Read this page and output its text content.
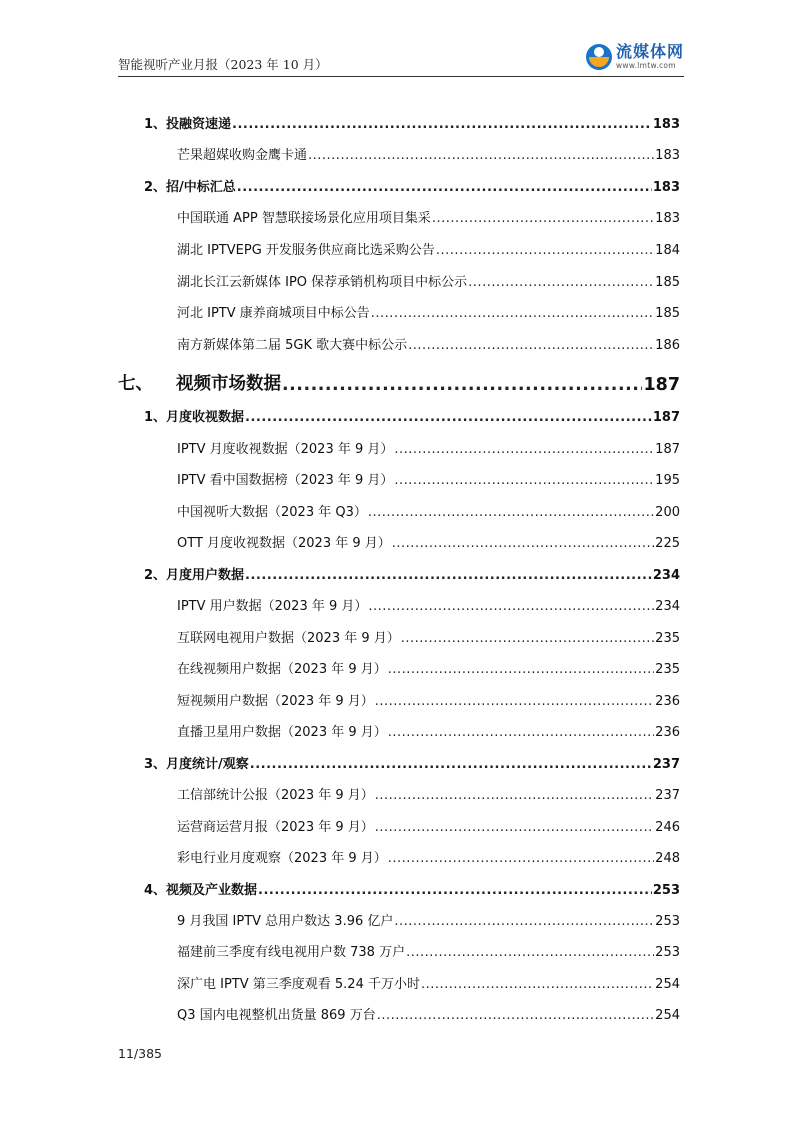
智能视听产业月报（2023 年 10 月）
流媒体网
www.lmtw.com
1、投融资速递 .....	183
芒果超媒收购金鹰卡通 .....	183
2、招/中标汇总 .....	183
中国联通 APP 智慧联接场景化应用项目集采 .....	183
湖北 IPTVEPG 开发服务供应商比选采购公告 .....	184
湖北长江云新媒体 IPO 保荐承销机构项目中标公示 .....	185
河北 IPTV 康养商城项目中标公告 .....	185
南方新媒体第二届 5GK 歌大赛中标公示 .....	186
七、 视频市场数据 .....	187
1、月度收视数据 .....	187
IPTV 月度收视数据（2023 年 9 月） .....	187
IPTV 看中国数据榜（2023 年 9 月） .....	195
中国视听大数据（2023 年 Q3） .....	200
OTT 月度收视数据（2023 年 9 月） .....	225
2、月度用户数据 .....	234
IPTV 用户数据（2023 年 9 月） .....	234
互联网电视用户数据（2023 年 9 月） .....	235
在线视频用户数据（2023 年 9 月） .....	235
短视频用户数据（2023 年 9 月） .....	236
直播卫星用户数据（2023 年 9 月） .....	236
3、月度统计/观察 .....	237
工信部统计公报（2023 年 9 月） .....	237
运营商运营月报（2023 年 9 月） .....	246
彩电行业月度观察（2023 年 9 月） .....	248
4、视频及产业数据 .....	253
9 月我国 IPTV 总用户数达 3.96 亿户 .....	253
福建前三季度有线电视用户数 738 万户 .....	253
深广电 IPTV 第三季度观看 5.24 千万小时 .....	254
Q3 国内电视整机出货量 869 万台 .....	254
11/385
